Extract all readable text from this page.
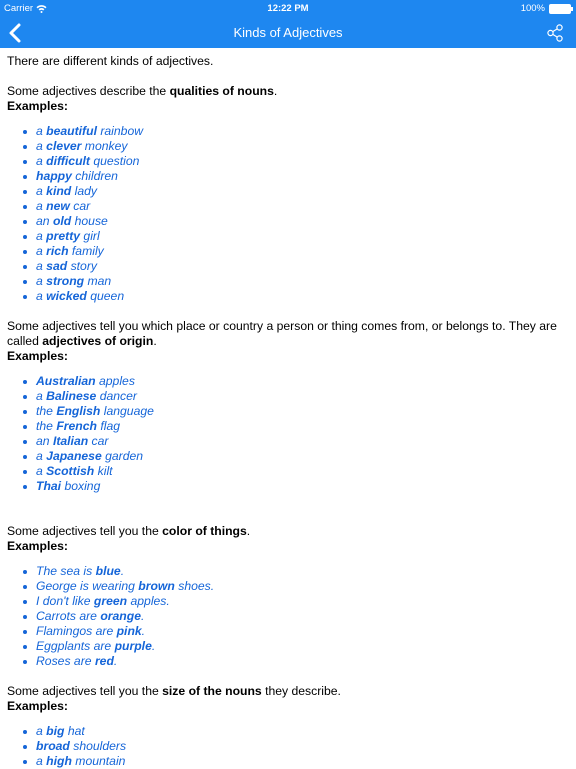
Carrier	12:22 PM	100%
Kinds of Adjectives

There are different kinds of adjectives.

Some adjectives describe the qualities of nouns.

Examples:

a beautiful rainbow
a clever monkey
a difficult question
happy children
a kind lady
a new car
an old house
a pretty girl
a rich family
a sad story
a strong man
a wicked queen

Some adjectives tell you which place or country a person or thing comes from, or belongs to. They are called adjectives of origin.

Examples:

Australian apples
a Balinese dancer
the English language
the French flag
an Italian car
a Japanese garden
a Scottish kilt
Thai boxing

Some adjectives tell you the color of things.

Examples:

The sea is blue.
George is wearing brown shoes.
I don't like green apples.
Carrots are orange.
Flamingos are pink.
Eggplants are purple.
Roses are red.

Some adjectives tell you the size of the nouns they describe.

Examples:

a big hat
broad shoulders
a high mountain
